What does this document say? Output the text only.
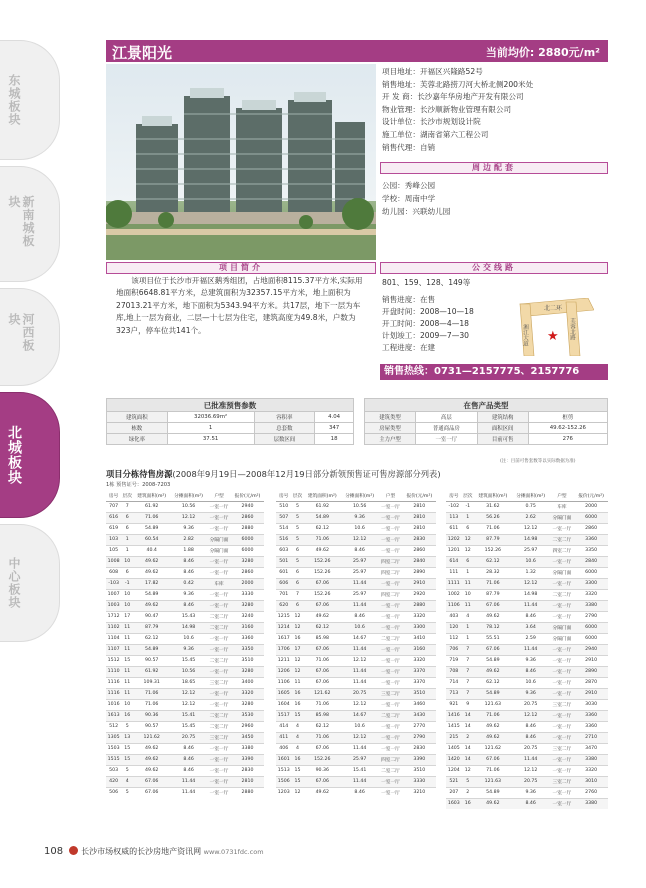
东城板块
新南城板块
河西板块
北城板块
中心板块
江景阳光	当前均价: 2880元/m²
项目地址：开福区兴隆路52号
销售地址：芙蓉北路捞刀河大桥北侧200米处
开 发 商：长沙嘉年华房地产开发有限公司
物业管理：长沙顺新物业管理有限公司
设计单位：长沙市规划设计院
施工单位：湖南省第六工程公司
销售代理：自销
周边配套
公园：秀峰公园
学校：周南中学
幼儿园：兴联幼儿园
项目简介
该项目位于长沙市开福区鹅秀组团，占地面积8115.37平方米,实际用地面积6648.81平方米，总建筑面积为32357.15平方米，地上面积为27013.21平方米，地下面积为5343.94平方米。共17层，地下一层为车库,地上一层为商业，二层—十七层为住宅，建筑高度为49.8米，户数为323户，停车位共141个。
公交线路
801、159、128、149等
销售进度：在售
开盘时间：2008—10—18
开工时间：2008—4—18
计划竣工：2009—7—30
工程进度：在建
北二环
湘江大道	芙蓉北路
★
销售热线：0731—2157775、2157776
已批准预售参数			
建筑面积	32036.69m²	容积率	4.04
栋数	1	总套数	347
绿化率	37.51	层数区间	18
在售产品类型			
建筑类型	高层	建筑结构	框剪
房屋类型	普通商品房	面积区间	49.62-152.26
主力户型	一室一厅	目前可售	276
(注：目前可售套数等以实际数据为准)
项目分栋待售房源(2008年9月19日—2008年12月19日部分新领预售证可售房源部分列表)
1栋 预售证号：2008-7203
房号	层次	建筑面积(m²)	分摊面积(m²)	户型	报价(元/m²)
707	7	61.92	10.56	一室一厅	2940
616	6	71.06	12.12	一室一厅	2860
619	6	54.89	9.36	一室一厅	2880
103	1	60.54	2.82	分隔门面	6000
105	1	40.4	1.88	分隔门面	6000
1008	10	49.62	8.46	一室一厅	3280
608	6	49.62	8.46	一室一厅	2860
-103	-1	17.82	0.42	车库	2000
1007	10	54.89	9.36	一室一厅	3330
1003	10	49.62	8.46	一室一厅	3280
1712	17	90.47	15.43	二室二厅	3240
1102	11	87.79	14.98	二室二厅	3160
1104	11	62.12	10.6	一室一厅	3360
1107	11	54.89	9.36	一室一厅	3350
1512	15	90.57	15.45	二室二厅	3510
1110	11	61.92	10.56	一室一厅	3280
1116	11	109.31	18.65	三室二厅	3400
1116	11	71.06	12.12	一室一厅	3320
1016	10	71.06	12.12	一室一厅	3280
1613	16	90.36	15.41	二室二厅	3530
512	5	90.57	15.45	二室二厅	2960
1305	13	121.62	20.75	三室二厅	3450
1503	15	49.62	8.46	一室一厅	3380
1515	15	49.62	8.46	一室一厅	3390
503	5	49.62	8.46	一室一厅	2830
420	4	67.06	11.44	一室一厅	2810
506	5	67.06	11.44	一室一厅	2880
房号	层次	建筑面积(m²)	分摊面积(m²)	户型	报价(元/m²)
510	5	61.92	10.56	一室一厅	2810
507	5	54.89	9.36	一室一厅	2810
514	5	62.12	10.6	一室一厅	2810
516	5	71.06	12.12	一室一厅	2830
603	6	49.62	8.46	一室一厅	2860
501	5	152.26	25.97	四室二厅	2840
601	6	152.26	25.97	四室二厅	2890
606	6	67.06	11.44	一室一厅	2910
701	7	152.26	25.97	四室二厅	2920
620	6	67.06	11.44	一室一厅	2880
1215	12	49.62	8.46	一室一厅	3320
1214	12	62.12	10.6	一室一厅	3300
1617	16	85.98	14.67	二室二厅	3410
1706	17	67.06	11.44	一室一厅	3160
1211	12	71.06	12.12	一室一厅	3320
1206	12	67.06	11.44	一室一厅	3370
1106	11	67.06	11.44	一室一厅	3370
1605	16	121.62	20.75	三室二厅	3510
1604	16	71.06	12.12	一室一厅	3460
1517	15	85.98	14.67	二室二厅	3430
414	4	62.12	10.6	一室一厅	2770
411	4	71.06	12.12	一室一厅	2790
406	4	67.06	11.44	一室一厅	2830
1601	16	152.26	25.97	四室二厅	3390
1513	15	90.36	15.41	二室二厅	3510
1506	15	67.06	11.44	一室一厅	3330
1203	12	49.62	8.46	一室一厅	3210
房号	层次	建筑面积(m²)	分摊面积(m²)	户型	报价(元/m²)
-102	-1	31.62	0.75	车库	2000
113	1	56.26	2.62	分隔门面	6000
611	6	71.06	12.12	一室一厅	2860
1202	12	87.79	14.98	二室二厅	3360
1201	12	152.26	25.97	四室二厅	3350
614	6	62.12	10.6	一室一厅	2840
111	1	28.32	1.32	分隔门面	6000
1111	11	71.06	12.12	一室一厅	3300
1002	10	87.79	14.98	二室二厅	3320
1106	11	67.06	11.44	一室一厅	3380
403	4	49.62	8.46	一室一厅	2790
120	1	78.12	3.64	分隔门面	6000
112	1	55.51	2.59	分隔门面	6000
706	7	67.06	11.44	一室一厅	2940
719	7	54.89	9.36	一室一厅	2910
708	7	49.62	8.46	一室一厅	2890
714	7	62.12	10.6	一室一厅	2870
713	7	54.89	9.36	一室一厅	2910
921	9	121.63	20.75	三室二厅	3030
1416	14	71.06	12.12	一室一厅	3360
1415	14	49.62	8.46	一室一厅	3360
215	2	49.62	8.46	一室一厅	2710
1405	14	121.62	20.75	三室二厅	3470
1420	14	67.06	11.44	一室一厅	3380
1204	12	71.06	12.12	一室一厅	3320
521	5	121.63	20.75	三室二厅	3010
207	2	54.89	9.36	一室一厅	2760
1603	16	49.62	8.46	一室一厅	3380
108 长沙市场权威的长沙房地产资讯网 www.0731fdc.com
